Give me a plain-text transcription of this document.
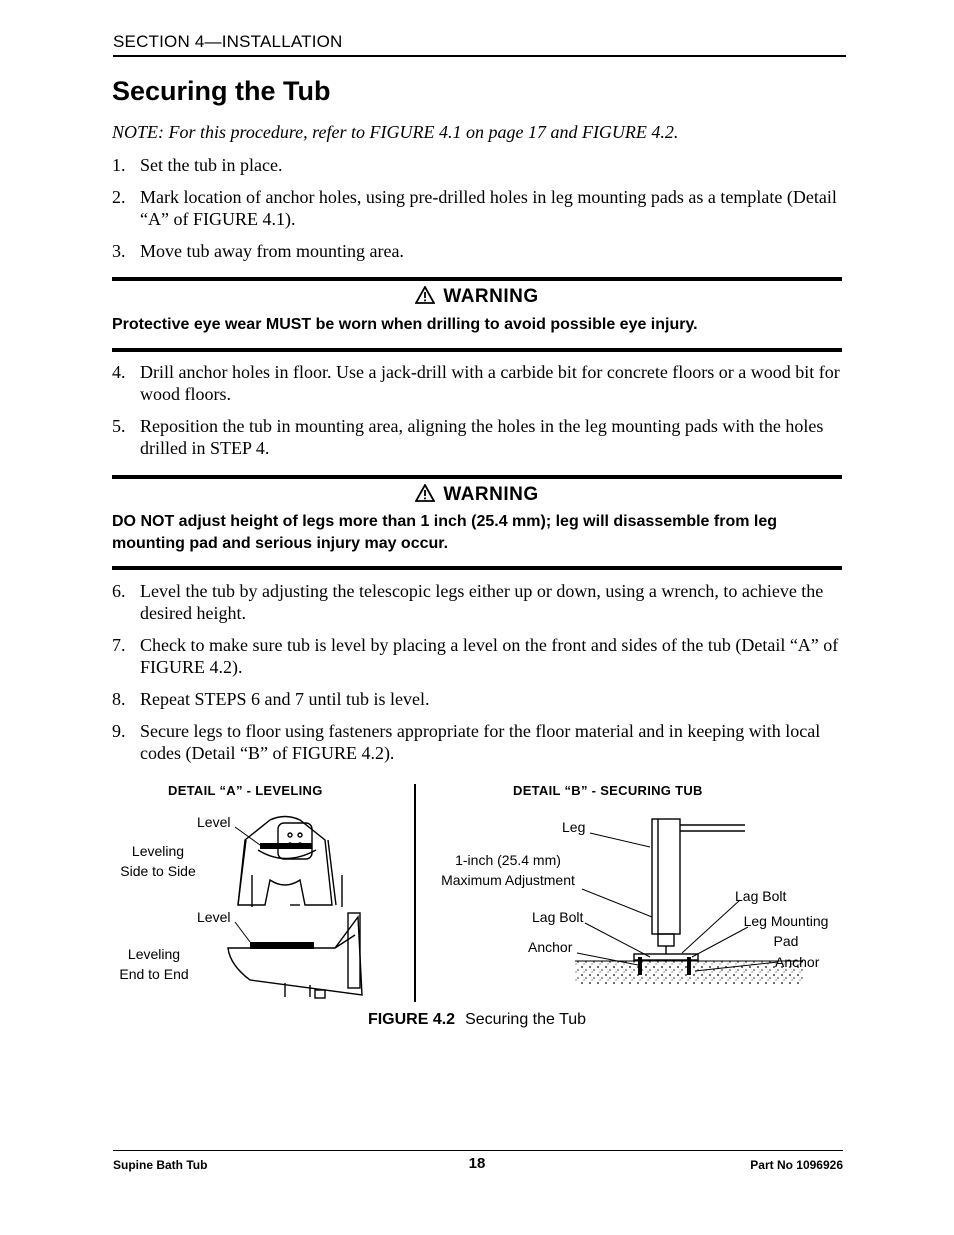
SECTION 4—INSTALLATION
Securing the Tub
NOTE: For this procedure, refer to FIGURE 4.1 on page 17 and FIGURE 4.2.
1. Set the tub in place.
2. Mark location of anchor holes, using pre-drilled holes in leg mounting pads as a template (Detail “A” of FIGURE 4.1).
3. Move tub away from mounting area.
WARNING
Protective eye wear MUST be worn when drilling to avoid possible eye injury.
4. Drill anchor holes in floor. Use a jack-drill with a carbide bit for concrete floors or a wood bit for wood floors.
5. Reposition the tub in mounting area, aligning the holes in the leg mounting pads with the holes drilled in STEP 4.
WARNING
DO NOT adjust height of legs more than 1 inch (25.4 mm); leg will disassemble from leg mounting pad and serious injury may occur.
6. Level the tub by adjusting the telescopic legs either up or down, using a wrench, to achieve the desired height.
7. Check to make sure tub is level by placing a level on the front and sides of the tub (Detail “A” of FIGURE 4.2).
8. Repeat STEPS 6 and 7 until tub is level.
9. Secure legs to floor using fasteners appropriate for the floor material and in keeping with local codes (Detail “B” of FIGURE 4.2).
DETAIL “A” - LEVELING	DETAIL “B” - SECURING TUB
Level
Leveling
Side to Side
Level
Leveling
End to End
Leg
1-inch (25.4 mm)
Maximum Adjustment
Lag Bolt
Anchor
Lag Bolt
Leg Mounting
Pad
Anchor
FIGURE 4.2 Securing the Tub
Supine Bath Tub	18	Part No 1096926
